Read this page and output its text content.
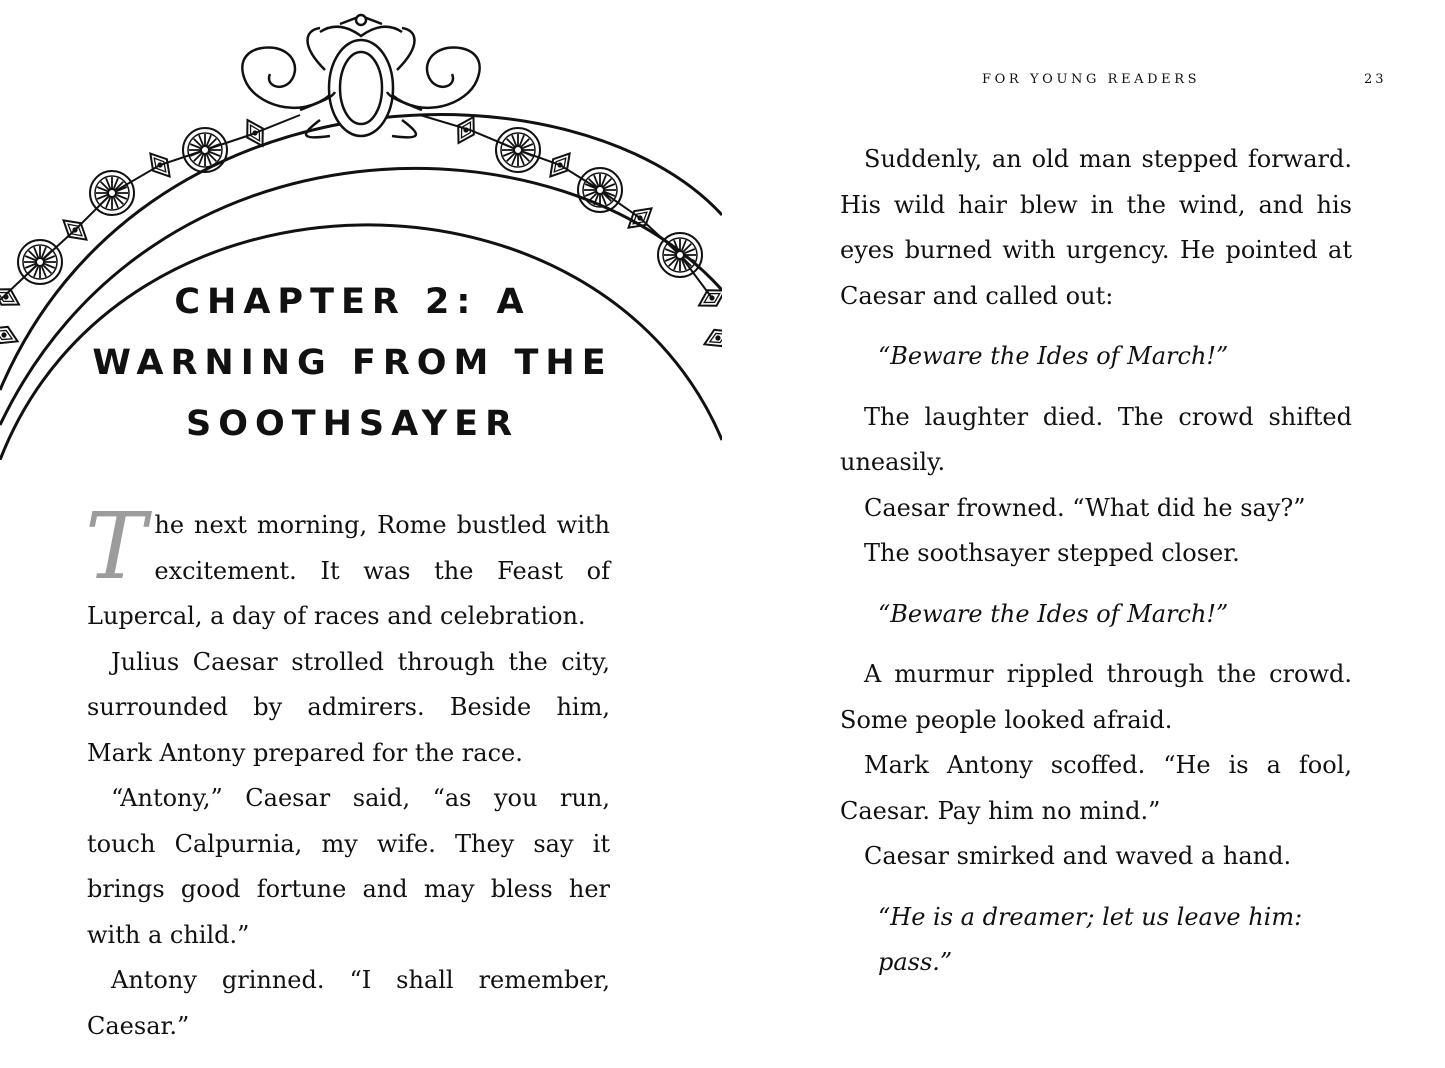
CHAPTER 2: A
WARNING FROM THE
SOOTHSAYER

The next morning, Rome bustled with excitement. It was the Feast of Lupercal, a day of races and celebration.

Julius Caesar strolled through the city, surrounded by admirers. Beside him, Mark Antony prepared for the race.

“Antony,” Caesar said, “as you run, touch Calpurnia, my wife. They say it brings good fortune and may bless her with a child.”

Antony grinned. “I shall remember, Caesar.”

FOR YOUNG READERS	23

Suddenly, an old man stepped forward. His wild hair blew in the wind, and his eyes burned with urgency. He pointed at Caesar and called out:

“Beware the Ides of March!”

The laughter died. The crowd shifted uneasily.

Caesar frowned. “What did he say?”

The soothsayer stepped closer.

“Beware the Ides of March!”

A murmur rippled through the crowd. Some people looked afraid.

Mark Antony scoffed. “He is a fool, Caesar. Pay him no mind.”

Caesar smirked and waved a hand.

“He is a dreamer; let us leave him: pass.”
